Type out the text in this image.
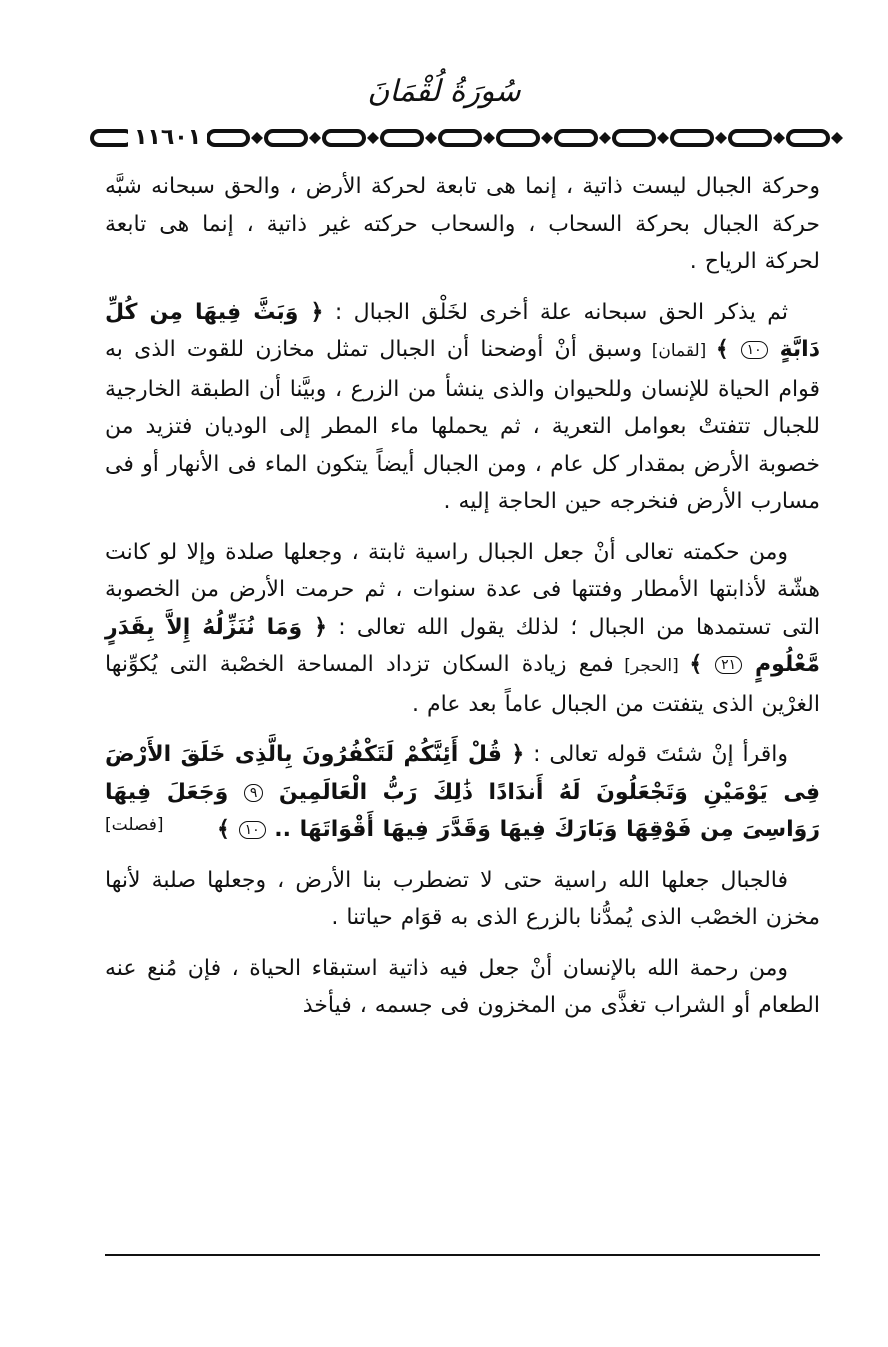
سُورَةُ لُقْمَانَ
١١٦٠١

وحركة الجبال ليست ذاتية ، إنما هى تابعة لحركة الأرض ، والحق سبحانه شبَّه حركة الجبال بحركة السحاب ، والسحاب حركته غير ذاتية ، إنما هى تابعة لحركة الرياح .

ثم يذكر الحق سبحانه علة أخرى لخَلْق الجبال : ﴿ وَبَثَّ فِيهَا مِن كُلِّ دَابَّةٍ ١٠ ﴾ [لقمان] وسبق أنْ أوضحنا أن الجبال تمثل مخازن للقوت الذى به قوام الحياة للإنسان وللحيوان والذى ينشأ من الزرع ، وبيَّنا أن الطبقة الخارجية للجبال تتفتتْ بعوامل التعرية ، ثم يحملها ماء المطر إلى الوديان فتزيد من خصوبة الأرض بمقدار كل عام ، ومن الجبال أيضاً يتكون الماء فى الأنهار أو فى مسارب الأرض فنخرجه حين الحاجة إليه .

ومن حكمته تعالى أنْ جعل الجبال راسية ثابتة ، وجعلها صلدة وإلا لو كانت هشّة لأذابتها الأمطار وفتتها فى عدة سنوات ، ثم حرمت الأرض من الخصوبة التى تستمدها من الجبال ؛ لذلك يقول الله تعالى : ﴿ وَمَا نُنَزِّلُهُ إِلاَّ بِقَدَرٍ مَّعْلُومٍ ٢١ ﴾ [الحجر] فمع زيادة السكان تزداد المساحة الخصْبة التى يُكوِّنها الغرْين الذى يتفتت من الجبال عاماً بعد عام .

واقرأ إنْ شئتَ قوله تعالى : ﴿ قُلْ أَئِنَّكُمْ لَتَكْفُرُونَ بِالَّذِى خَلَقَ الأَرْضَ فِى يَوْمَيْنِ وَتَجْعَلُونَ لَهُ أَندَادًا ذَٰلِكَ رَبُّ الْعَالَمِينَ ٩ وَجَعَلَ فِيهَا رَوَاسِىَ مِن فَوْقِهَا وَبَارَكَ فِيهَا وَقَدَّرَ فِيهَا أَقْوَاتَهَا .. ١٠ ﴾

[فصلت]

فالجبال جعلها الله راسية حتى لا تضطرب بنا الأرض ، وجعلها صلبة لأنها مخزن الخصْب الذى يُمدُّنا بالزرع الذى به قوَام حياتنا .

ومن رحمة الله بالإنسان أنْ جعل فيه ذاتية استبقاء الحياة ، فإن مُنع عنه الطعام أو الشراب تغذَّى من المخزون فى جسمه ، فيأخذ
